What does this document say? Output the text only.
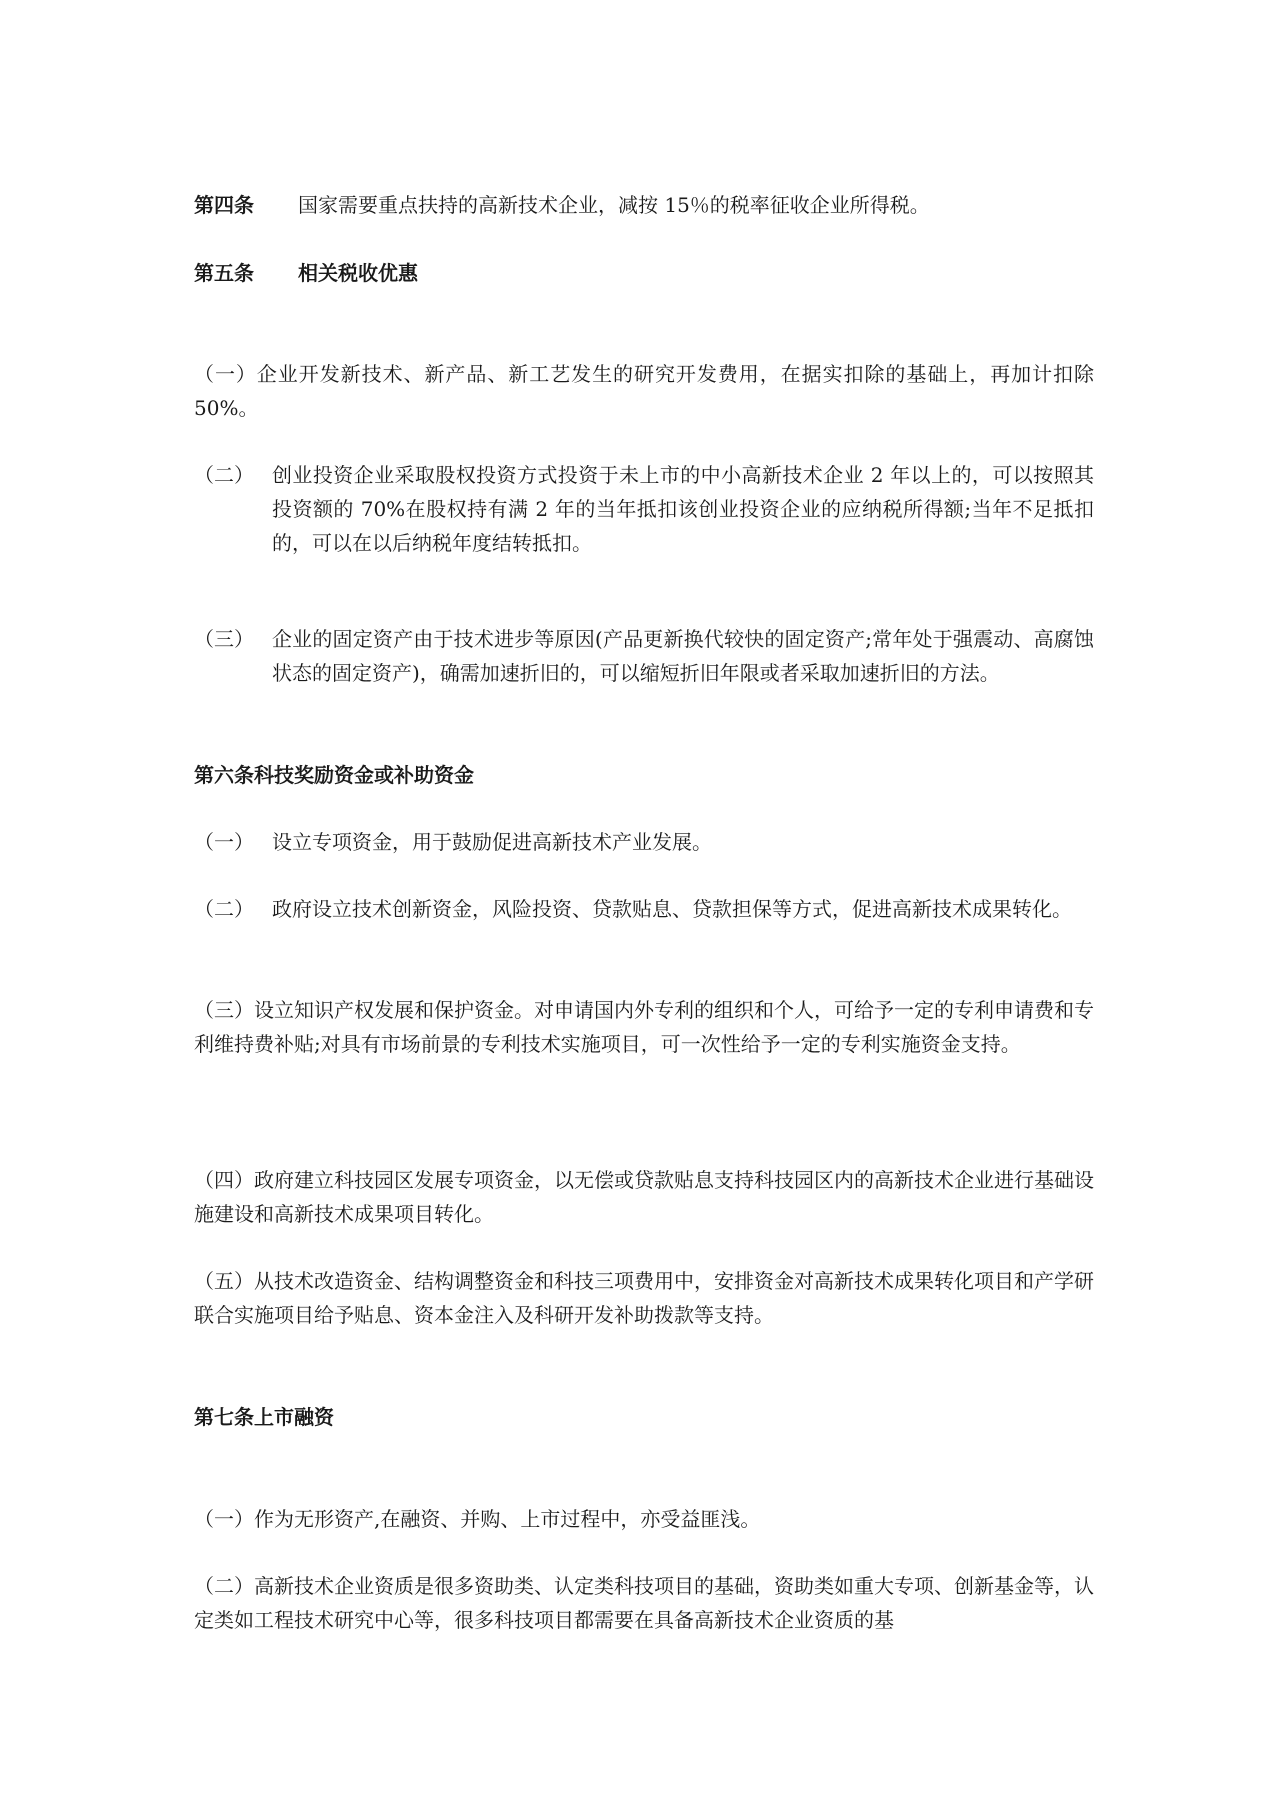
第四条	国家需要重点扶持的高新技术企业，减按 15％的税率征收企业所得税。
第五条	相关税收优惠
（一）企业开发新技术、新产品、新工艺发生的研究开发费用，在据实扣除的基础上，再加计扣除 50%。
（二） 创业投资企业采取股权投资方式投资于未上市的中小高新技术企业 2 年以上的，可以按照其投资额的 70%在股权持有满 2 年的当年抵扣该创业投资企业的应纳税所得额;当年不足抵扣的，可以在以后纳税年度结转抵扣。
（三） 企业的固定资产由于技术进步等原因(产品更新换代较快的固定资产;常年处于强震动、高腐蚀状态的固定资产)，确需加速折旧的，可以缩短折旧年限或者采取加速折旧的方法。
第六条科技奖励资金或补助资金
（一） 设立专项资金，用于鼓励促进高新技术产业发展。
（二） 政府设立技术创新资金，风险投资、贷款贴息、贷款担保等方式，促进高新技术成果转化。
（三）设立知识产权发展和保护资金。对申请国内外专利的组织和个人，可给予一定的专利申请费和专利维持费补贴;对具有市场前景的专利技术实施项目，可一次性给予一定的专利实施资金支持。
（四）政府建立科技园区发展专项资金，以无偿或贷款贴息支持科技园区内的高新技术企业进行基础设施建设和高新技术成果项目转化。
（五）从技术改造资金、结构调整资金和科技三项费用中，安排资金对高新技术成果转化项目和产学研联合实施项目给予贴息、资本金注入及科研开发补助拨款等支持。
第七条上市融资
（一）作为无形资产,在融资、并购、上市过程中，亦受益匪浅。
（二）高新技术企业资质是很多资助类、认定类科技项目的基础，资助类如重大专项、创新基金等，认定类如工程技术研究中心等，很多科技项目都需要在具备高新技术企业资质的基
